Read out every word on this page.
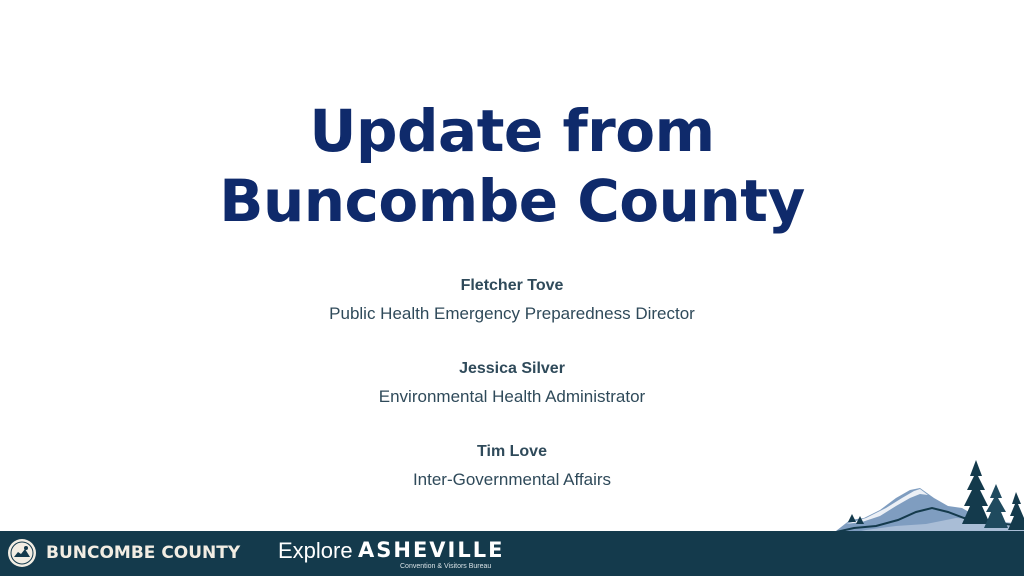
Update from
Buncombe County
Fletcher Tove
Public Health Emergency Preparedness Director
Jessica Silver
Environmental Health Administrator
Tim Love
Inter-Governmental Affairs
BUNCOMBE COUNTY Explore ASHEVILLE
Convention & Visitors Bureau
